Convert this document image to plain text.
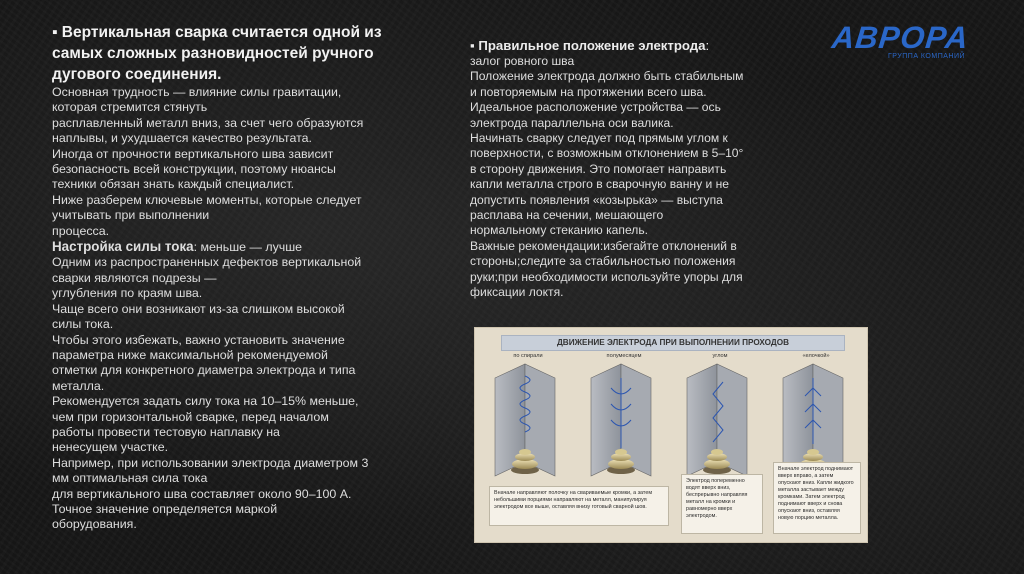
▪ Вертикальная сварка считается одной из самых сложных разновидностей ручного дугового соединения.

Основная трудность — влияние силы гравитации,

которая стремится стянуть

расплавленный металл вниз, за счет чего образуются

наплывы, и ухудшается качество результата.

Иногда от прочности вертикального шва зависит

безопасность всей конструкции, поэтому нюансы

техники обязан знать каждый специалист.

Ниже разберем ключевые моменты, которые следует

учитывать при выполнении

процесса.

Настройка силы тока: меньше — лучше

Одним из распространенных дефектов вертикальной

сварки являются подрезы —

углубления по краям шва.

Чаще всего они возникают из-за слишком высокой

силы тока.

Чтобы этого избежать, важно установить значение

параметра ниже максимальной рекомендуемой

отметки для конкретного диаметра электрода и типа

металла.

Рекомендуется задать силу тока на 10–15% меньше,

чем при горизонтальной сварке, перед началом

работы провести тестовую наплавку на

ненесущем участке.

Например, при использовании электрода диаметром 3

мм оптимальная сила тока

для вертикального шва составляет около 90–100 А.

Точное значение определяется маркой

оборудования.

▪ Правильное положение электрода:

залог ровного шва

Положение электрода должно быть стабильным

и повторяемым на протяжении всего шва.

Идеальное расположение устройства — ось

электрода параллельна оси валика.

Начинать сварку следует под прямым углом к

поверхности, с возможным отклонением в 5–10°

в сторону движения. Это помогает направить

капли металла строго в сварочную ванну и не

допустить появления «козырька» — выступа

расплава на сечении, мешающего

нормальному стеканию капель.

Важные рекомендации:избегайте отклонений в

стороны;следите за стабильностью положения

руки;при необходимости используйте упоры для

фиксации локтя.

АВРОРА
ГРУППА КОМПАНИЙ
ДВИЖЕНИЕ ЭЛЕКТРОДА ПРИ ВЫПОЛНЕНИИ ПРОХОДОВ
по спирали	полумесяцем	углом	«елочкой»
Вначале направляют полочку на свариваемые кромки, а затем небольшими порциями направляют на металл, манипулируя электродом все выше, оставляя внизу готовый сварной шов.
Электрод попеременно водят вверх вниз, беспрерывно направляя металл на кромки и равномерно вверх электродом.
Вначале электрод поднимают вверх вправо, а затем опускают вниз. Капли жидкого металла застывает между кромками. Затем электрод поднимают вверх и снова опускают вниз, оставляя новую порцию металла.
